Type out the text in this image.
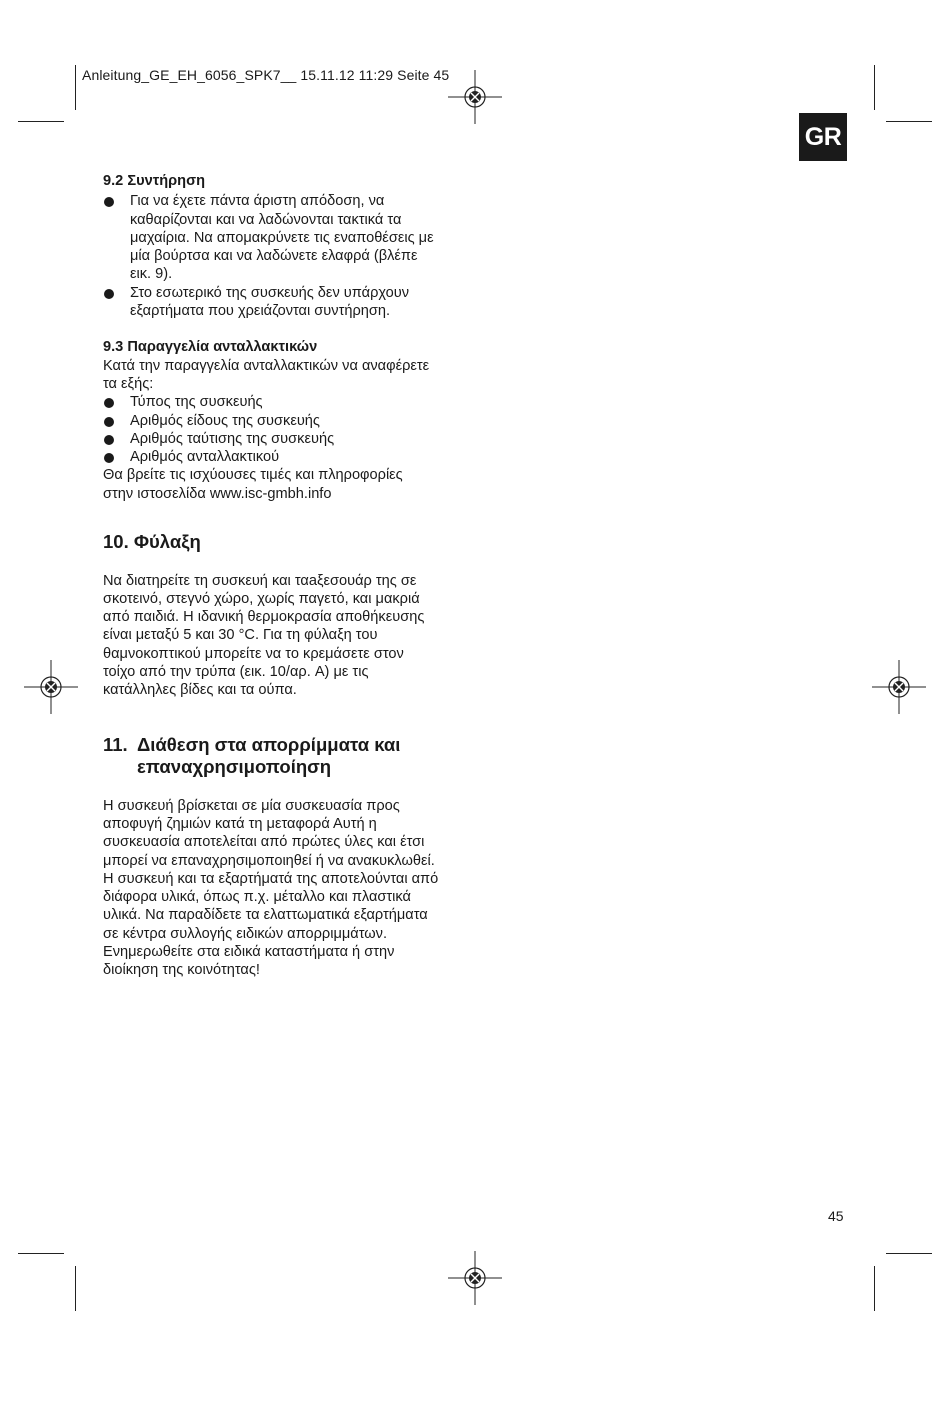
Anleitung_GE_EH_6056_SPK7__ 15.11.12 11:29 Seite 45
GR
9.2 Συντήρηση
Για να έχετε πάντα άριστη απόδοση, να
καθαρίζονται και να λαδώνονται τακτικά τα
μαχαίρια. Να απομακρύνετε τις εναποθέσεις με
μία βούρτσα και να λαδώνετε ελαφρά (βλέπε
εικ. 9).
Στο εσωτερικό της συσκευής δεν υπάρχουν
εξαρτήματα που χρειάζονται συντήρηση.
9.3 Παραγγελία ανταλλακτικών
Κατά την παραγγελία ανταλλακτικών να αναφέρετε
τα εξής:
Τύπος της συσκευής
Αριθμός είδους της συσκευής
Αριθμός ταύτισης της συσκευής
Αριθμός ανταλλακτικού
Θα βρείτε τις ισχύουσες τιμές και πληροφορίες
στην ιστοσελίδα www.isc-gmbh.info
10. Φύλαξη
Να διατηρείτε τη συσκευή και ταaξεσουάρ της σε
σκοτεινό, στεγνό χώρο, χωρίς παγετό, και μακριά
από παιδιά. Η ιδανική θερμοκρασία αποθήκευσης
είναι μεταξύ 5 και 30 °C. Για τη φύλαξη του
θαμνοκοπτικού μπορείτε να το κρεμάσετε στον
τοίχο από την τρύπα (εικ. 10/αρ. A) με τις
κατάλληλες βίδες και τα ούπα.
11. Διάθεση στα απορρίμματα και
επαναχρησιμοποίηση
Η συσκευή βρίσκεται σε μία συσκευασία προς
αποφυγή ζημιών κατά τη μεταφορά Αυτή η
συσκευασία αποτελείται από πρώτες ύλες και έτσι
μπορεί να επαναχρησιμοποιηθεί ή να ανακυκλωθεί.
Η συσκευή και τα εξαρτήματά της αποτελούνται από
διάφορα υλικά, όπως π.χ. μέταλλο και πλαστικά
υλικά. Να παραδίδετε τα ελαττωματικά εξαρτήματα
σε κέντρα συλλογής ειδικών απορριμμάτων.
Ενημερωθείτε στα ειδικά καταστήματα ή στην
διοίκηση της κοινότητας!
45
